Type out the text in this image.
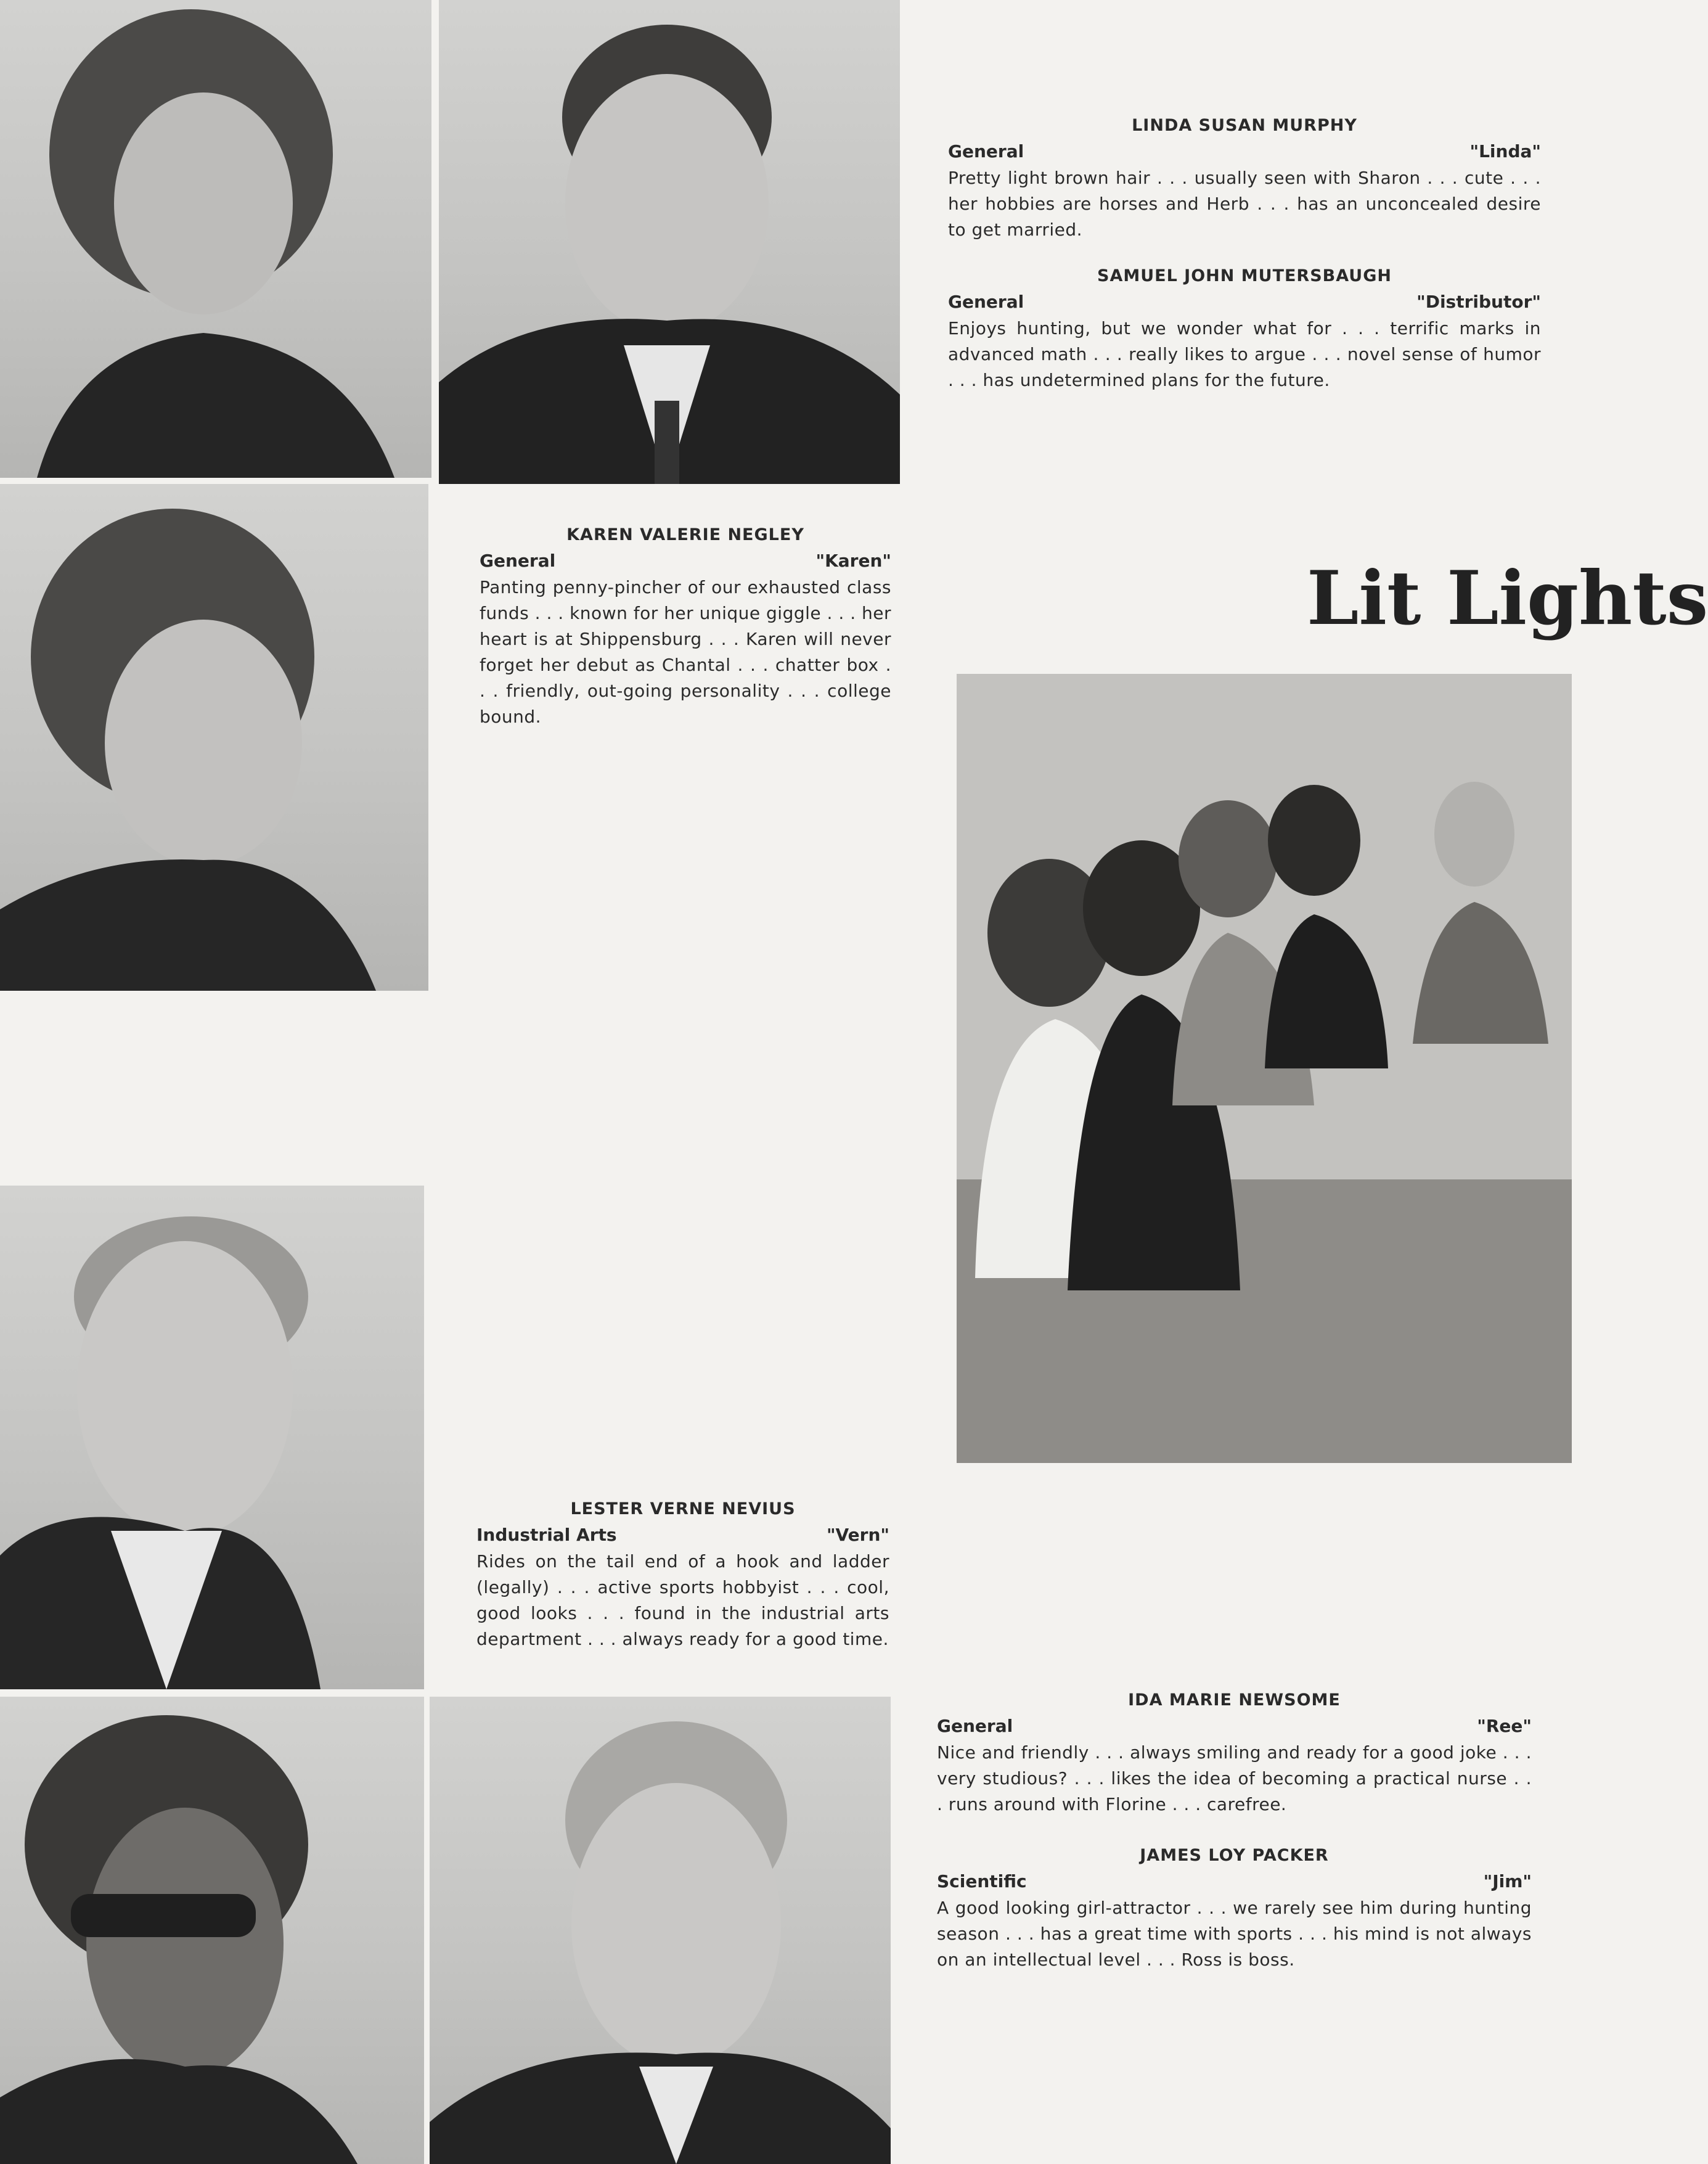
LINDA SUSAN MURPHY
General	"Linda"
Pretty light brown hair . . . usually seen with Sharon . . . cute . . . her hobbies are horses and Herb . . . has an unconcealed desire to get married.
SAMUEL JOHN MUTERSBAUGH
General	"Distributor"
Enjoys hunting, but we wonder what for . . . terrific marks in advanced math . . . really likes to argue . . . novel sense of humor . . . has undetermined plans for the future.
KAREN VALERIE NEGLEY
General	"Karen"
Panting penny-pincher of our exhausted class funds . . . known for her unique giggle . . . her heart is at Shippensburg . . . Karen will never forget her debut as Chantal . . . chatter box . . . friendly, out-going personality . . . college bound.
LESTER VERNE NEVIUS
Industrial Arts	"Vern"
Rides on the tail end of a hook and ladder (legally) . . . active sports hobbyist . . . cool, good looks . . . found in the industrial arts department . . . always ready for a good time.
IDA MARIE NEWSOME
General	"Ree"
Nice and friendly . . . always smiling and ready for a good joke . . . very studious? . . . likes the idea of becoming a practical nurse . . . runs around with Florine . . . carefree.
JAMES LOY PACKER
Scientific	"Jim"
A good looking girl-attractor . . . we rarely see him during hunting season . . . has a great time with sports . . . his mind is not always on an intellectual level . . . Ross is boss.
Lit Lights
